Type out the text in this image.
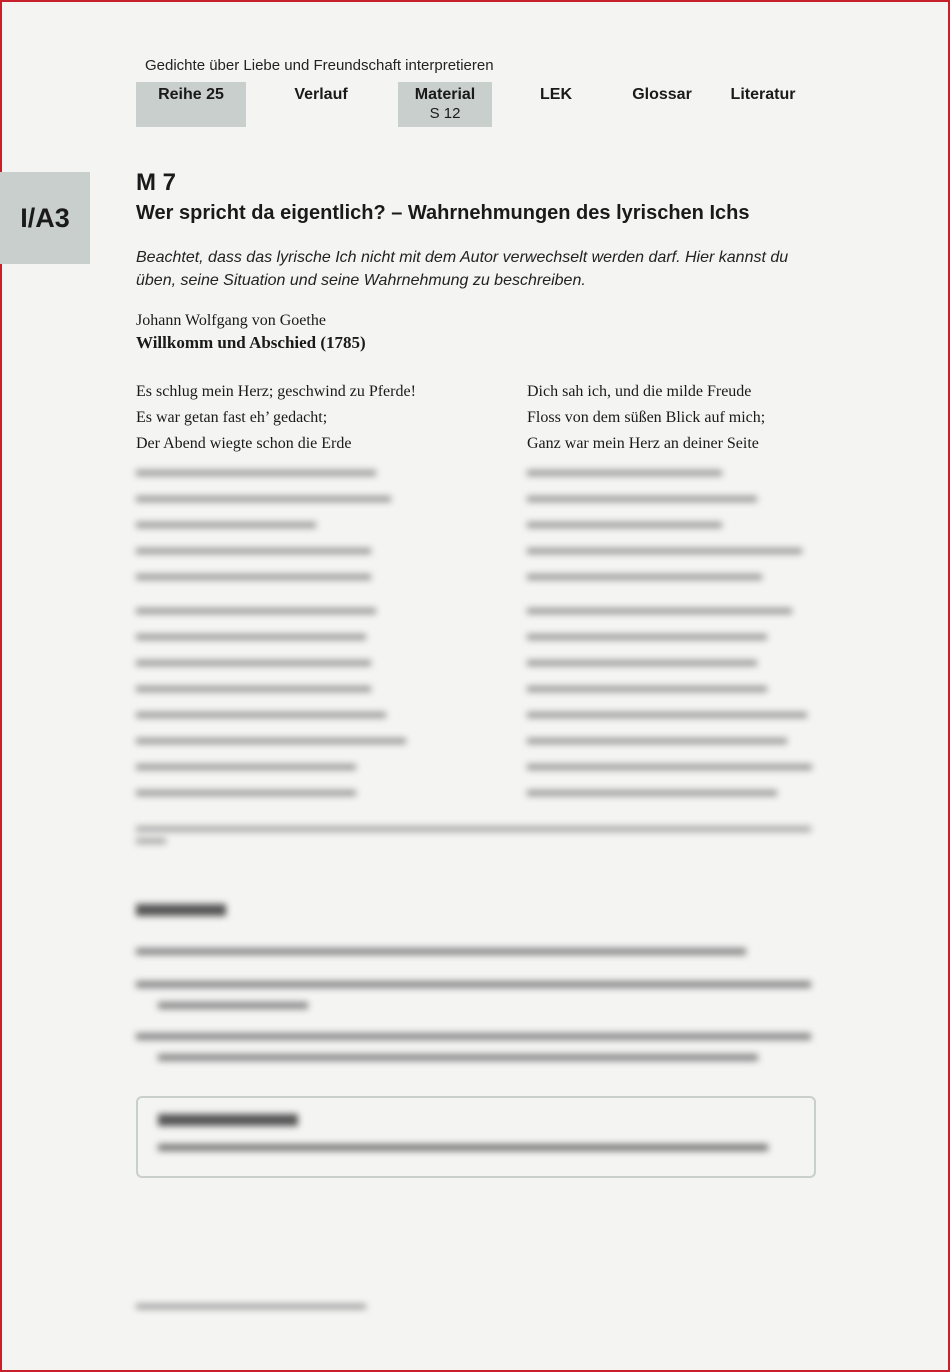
Gedichte über Liebe und Freundschaft interpretieren
Reihe 25	Verlauf	Material
S 12
LEK	Glossar	Literatur
I/A3
M 7
Wer spricht da eigentlich? – Wahrnehmungen des lyrischen Ichs
Beachtet, dass das lyrische Ich nicht mit dem Autor verwechselt werden darf. Hier kannst du üben, seine Situation und seine Wahrnehmung zu beschreiben.
Johann Wolfgang von Goethe
Willkomm und Abschied (1785)
Es schlug mein Herz; geschwind zu Pferde!
Es war getan fast eh’ gedacht;
Der Abend wiegte schon die Erde
Dich sah ich, und die milde Freude
Floss von dem süßen Blick auf mich;
Ganz war mein Herz an deiner Seite
